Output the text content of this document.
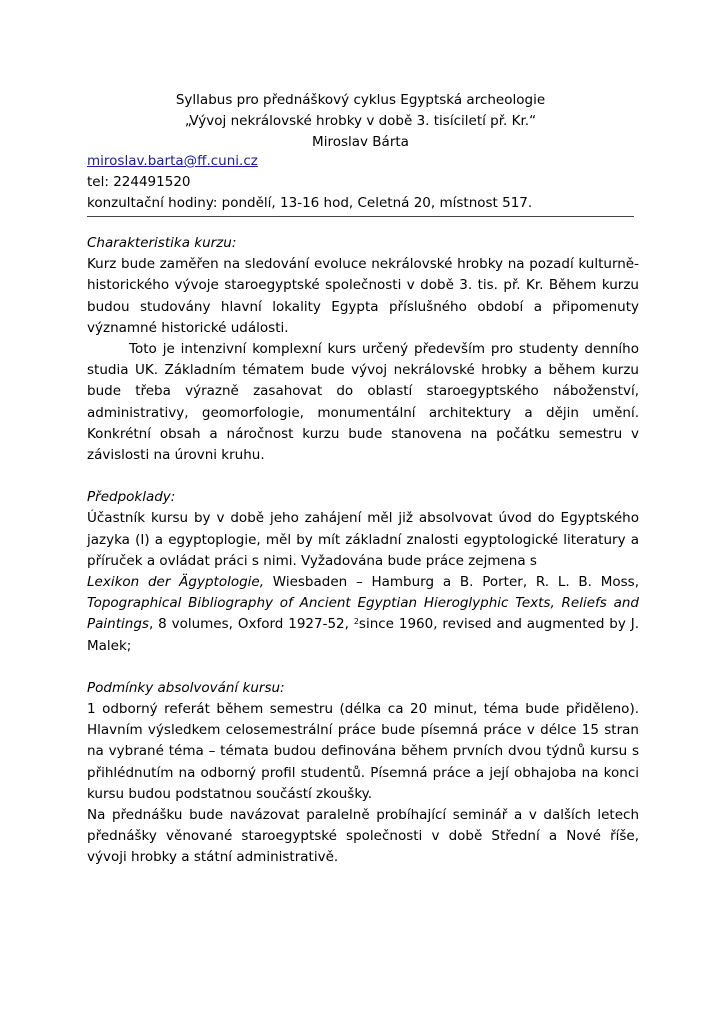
Syllabus pro přednáškový cyklus Egyptská archeologie
„Vývoj nekrálovské hrobky v době 3. tisíciletí př. Kr.“
Miroslav Bárta
miroslav.barta@ff.cuni.cz
tel: 224491520
konzultační hodiny: pondělí, 13-16 hod, Celetná 20, místnost 517.
Charakteristika kurzu:

Kurz bude zaměřen na sledování evoluce nekrálovské hrobky na pozadí kulturně-historického vývoje staroegyptské společnosti v době 3. tis. př. Kr. Během kurzu budou studovány hlavní lokality Egypta příslušného období a připomenuty významné historické události.

Toto je intenzivní komplexní kurs určený především pro studenty denního studia UK. Základním tématem bude vývoj nekrálovské hrobky a během kurzu bude třeba výrazně zasahovat do oblastí staroegyptského náboženství, administrativy, geomorfologie, monumentální architektury a dějin umění. Konkrétní obsah a náročnost kurzu bude stanovena na počátku semestru v závislosti na úrovni kruhu.

Předpoklady:

Účastník kursu by v době jeho zahájení měl již absolvovat úvod do Egyptského jazyka (I) a egyptoplogie, měl by mít základní znalosti egyptologické literatury a příruček a ovládat práci s nimi. Vyžadována bude práce zejmena s

Lexikon der Ägyptologie, Wiesbaden – Hamburg a B. Porter, R. L. B. Moss, Topographical Bibliography of Ancient Egyptian Hieroglyphic Texts, Reliefs and Paintings, 8 volumes, Oxford 1927-52, $^2$since 1960, revised and augmented by J. Malek;

Podmínky absolvování kursu:

1 odborný referát během semestru (délka ca 20 minut, téma bude přiděleno). Hlavním výsledkem celosemestrální práce bude písemná práce v délce 15 stran na vybrané téma – témata budou definována během prvních dvou týdnů kursu s přihlédnutím na odborný profil studentů. Písemná práce a její obhajoba na konci kursu budou podstatnou součástí zkoušky.

Na přednášku bude navázovat paralelně probíhající seminář a v dalších letech přednášky věnované staroegyptské společnosti v době Střední a Nové říše, vývoji hrobky a státní administrativě.
